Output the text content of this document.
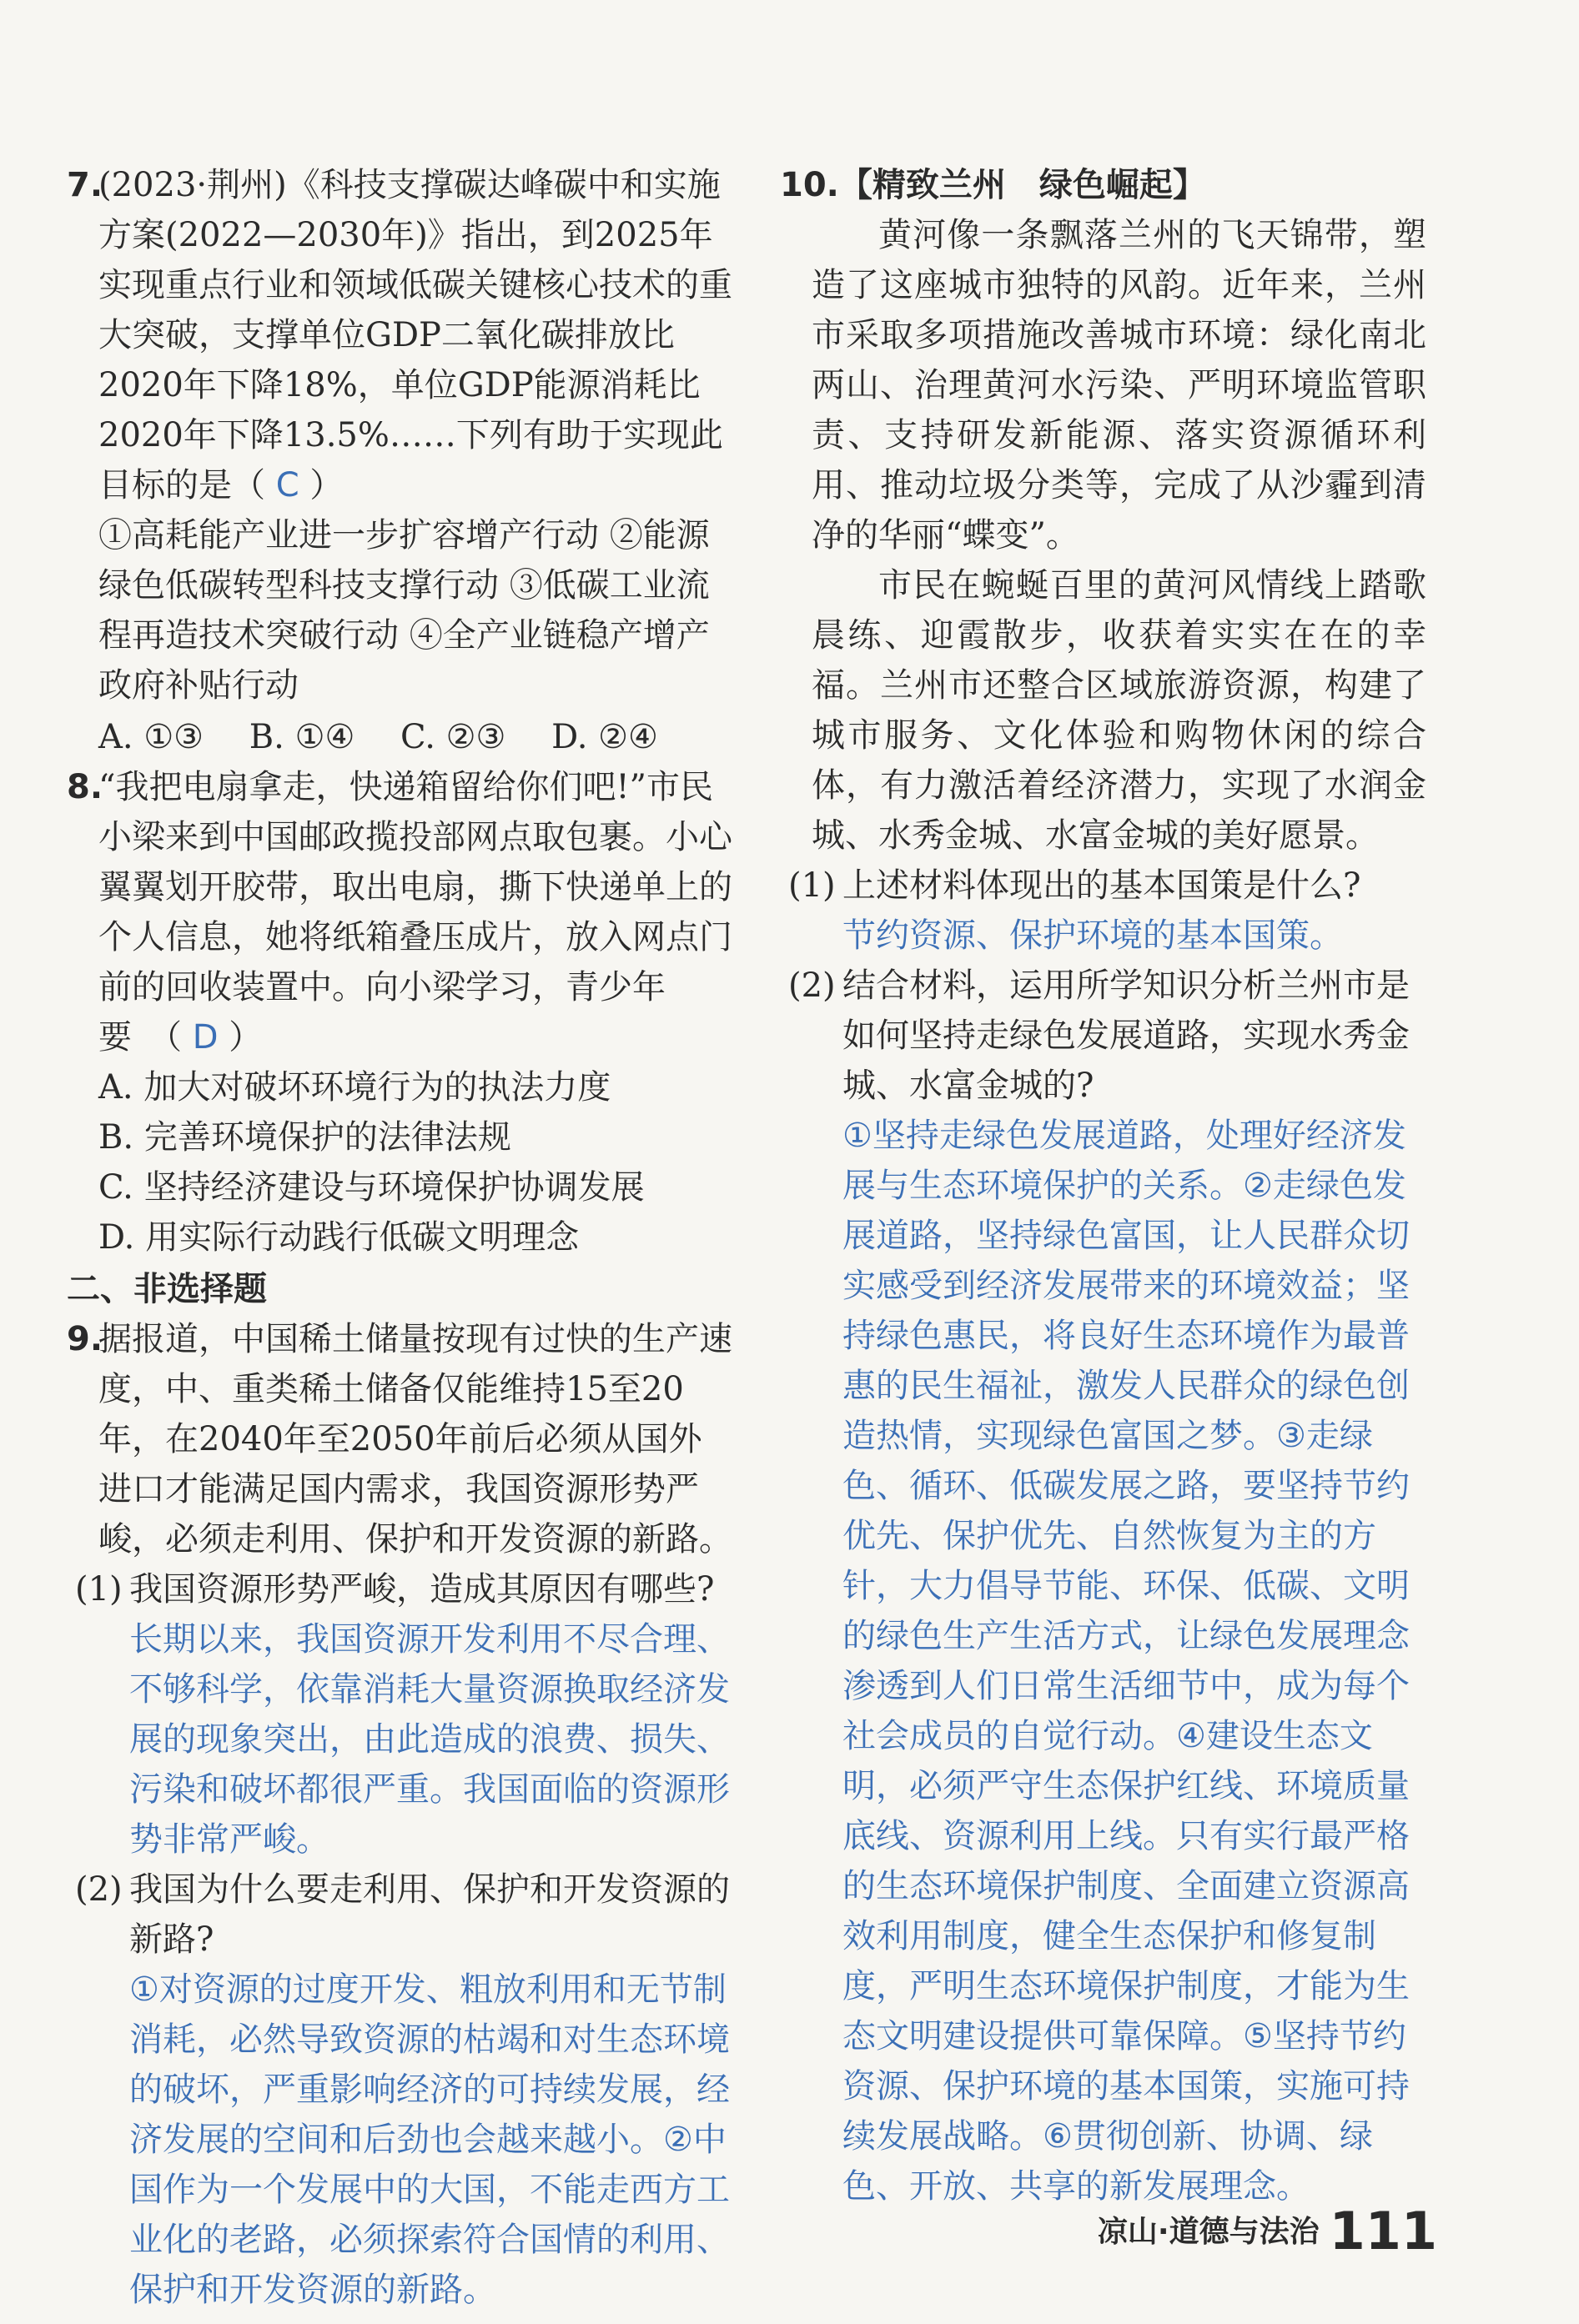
7.
(2023·荆州)《科技支撑碳达峰碳中和实施方案(2022—2030年)》指出，到2025年实现重点行业和领域低碳关键核心技术的重大突破，支撑单位GDP二氧化碳排放比2020年下降18%，单位GDP能源消耗比2020年下降13.5%……下列有助于实现此目标的是（ C ）
①高耗能产业进一步扩容增产行动 ②能源绿色低碳转型科技支撑行动 ③低碳工业流程再造技术突破行动 ④全产业链稳产增产政府补贴行动
A. ①③ B. ①④ C. ②③ D. ②④
8.
“我把电扇拿走，快递箱留给你们吧!”市民小梁来到中国邮政揽投部网点取包裹。小心翼翼划开胶带，取出电扇，撕下快递单上的个人信息，她将纸箱叠压成片，放入网点门前的回收装置中。向小梁学习，青少年要　（ D ）
A. 加大对破坏环境行为的执法力度
B. 完善环境保护的法律法规
C. 坚持经济建设与环境保护协调发展
D. 用实际行动践行低碳文明理念
二、非选择题
9.
据报道，中国稀土储量按现有过快的生产速度，中、重类稀土储备仅能维持15至20年，在2040年至2050年前后必须从国外进口才能满足国内需求，我国资源形势严峻，必须走利用、保护和开发资源的新路。
(1) 我国资源形势严峻，造成其原因有哪些?
长期以来，我国资源开发利用不尽合理、不够科学，依靠消耗大量资源换取经济发展的现象突出，由此造成的浪费、损失、污染和破坏都很严重。我国面临的资源形势非常严峻。
(2) 我国为什么要走利用、保护和开发资源的新路?
①对资源的过度开发、粗放利用和无节制消耗，必然导致资源的枯竭和对生态环境的破坏，严重影响经济的可持续发展，经济发展的空间和后劲也会越来越小。②中国作为一个发展中的大国，不能走西方工业化的老路，必须探索符合国情的利用、保护和开发资源的新路。
10.【精致兰州　绿色崛起】
黄河像一条飘落兰州的飞天锦带，塑造了这座城市独特的风韵。近年来，兰州市采取多项措施改善城市环境：绿化南北两山、治理黄河水污染、严明环境监管职责、支持研发新能源、落实资源循环利用、推动垃圾分类等，完成了从沙霾到清净的华丽“蝶变”。
市民在蜿蜒百里的黄河风情线上踏歌晨练、迎霞散步，收获着实实在在的幸福。兰州市还整合区域旅游资源，构建了城市服务、文化体验和购物休闲的综合体，有力激活着经济潜力，实现了水润金城、水秀金城、水富金城的美好愿景。
(1) 上述材料体现出的基本国策是什么?
节约资源、保护环境的基本国策。
(2) 结合材料，运用所学知识分析兰州市是如何坚持走绿色发展道路，实现水秀金城、水富金城的?
①坚持走绿色发展道路，处理好经济发展与生态环境保护的关系。②走绿色发展道路，坚持绿色富国，让人民群众切实感受到经济发展带来的环境效益；坚持绿色惠民，将良好生态环境作为最普惠的民生福祉，激发人民群众的绿色创造热情，实现绿色富国之梦。③走绿色、循环、低碳发展之路，要坚持节约优先、保护优先、自然恢复为主的方针，大力倡导节能、环保、低碳、文明的绿色生产生活方式，让绿色发展理念渗透到人们日常生活细节中，成为每个社会成员的自觉行动。④建设生态文明，必须严守生态保护红线、环境质量底线、资源利用上线。只有实行最严格的生态环境保护制度、全面建立资源高效利用制度，健全生态保护和修复制度，严明生态环境保护制度，才能为生态文明建设提供可靠保障。⑤坚持节约资源、保护环境的基本国策，实施可持续发展战略。⑥贯彻创新、协调、绿色、开放、共享的新发展理念。
凉山·道德与法治 111
